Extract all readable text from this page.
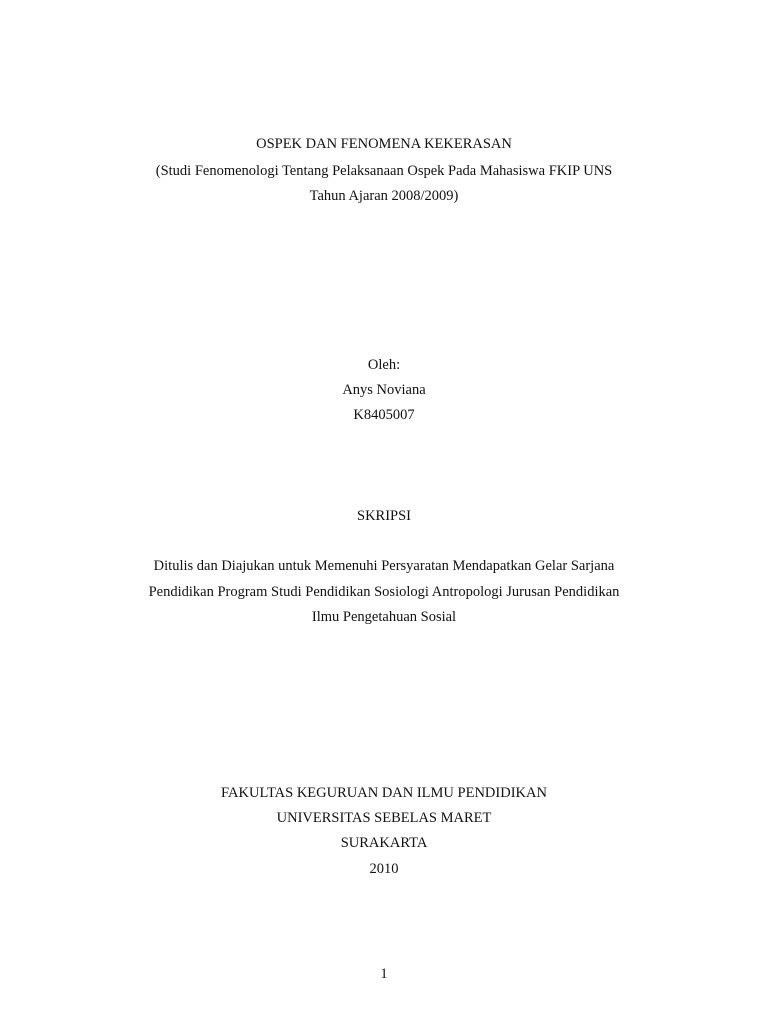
OSPEK DAN FENOMENA KEKERASAN
(Studi Fenomenologi Tentang Pelaksanaan Ospek Pada Mahasiswa FKIP UNS
Tahun Ajaran 2008/2009)
Oleh:
Anys Noviana
K8405007
SKRIPSI
Ditulis dan Diajukan untuk Memenuhi Persyaratan Mendapatkan Gelar Sarjana
Pendidikan Program Studi Pendidikan Sosiologi Antropologi Jurusan Pendidikan
Ilmu Pengetahuan Sosial
FAKULTAS KEGURUAN DAN ILMU PENDIDIKAN
UNIVERSITAS SEBELAS MARET
SURAKARTA
2010
1
